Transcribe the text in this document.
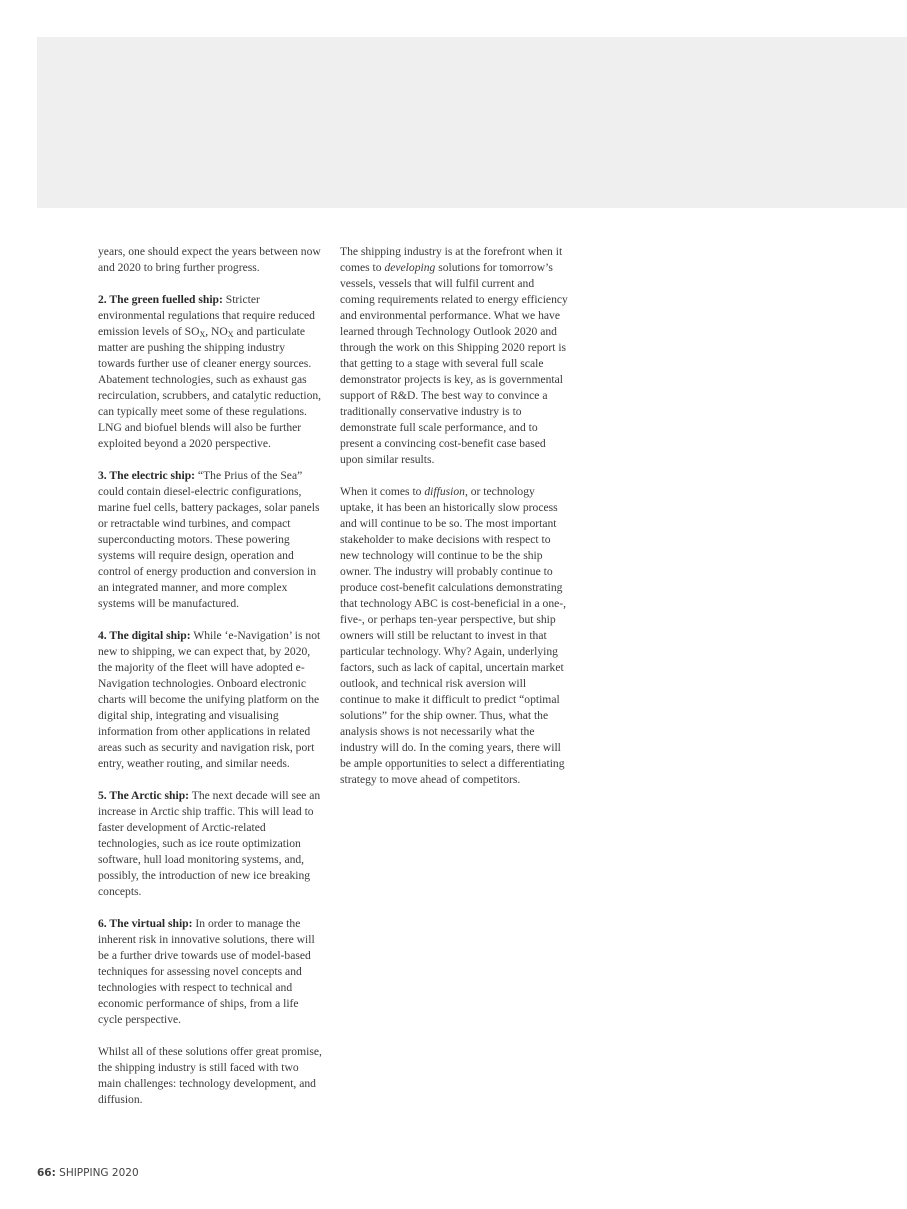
years, one should expect the years between now and 2020 to bring further progress.

2. The green fuelled ship: Stricter environmental regulations that require reduced emission levels of $SO_X$, $NO_X$ and particulate matter are pushing the shipping industry towards further use of cleaner energy sources. Abatement technologies, such as exhaust gas recirculation, scrubbers, and catalytic reduction, can typically meet some of these regulations. LNG and biofuel blends will also be further exploited beyond a 2020 perspective.

3. The electric ship: “The Prius of the Sea” could contain diesel-electric configurations, marine fuel cells, battery packages, solar panels or retractable wind turbines, and compact superconducting motors. These powering systems will require design, operation and control of energy production and conversion in an integrated manner, and more complex systems will be manufactured.

4. The digital ship: While ‘e-Navigation’ is not new to shipping, we can expect that, by 2020, the majority of the fleet will have adopted e-Navigation technologies. Onboard electronic charts will become the unifying platform on the digital ship, integrating and visualising information from other applications in related areas such as security and navigation risk, port entry, weather routing, and similar needs.

5. The Arctic ship: The next decade will see an increase in Arctic ship traffic. This will lead to faster development of Arctic-related technologies, such as ice route optimization software, hull load monitoring systems, and, possibly, the introduction of new ice breaking concepts.

6. The virtual ship: In order to manage the inherent risk in innovative solutions, there will be a further drive towards use of model-based techniques for assessing novel concepts and technologies with respect to technical and economic performance of ships, from a life cycle perspective.

Whilst all of these solutions offer great promise, the shipping industry is still faced with two main challenges: technology development, and diffusion.

The shipping industry is at the forefront when it comes to developing solutions for tomorrow’s vessels, vessels that will fulfil current and coming requirements related to energy efficiency and environmental performance. What we have learned through Technology Outlook 2020 and through the work on this Shipping 2020 report is that getting to a stage with several full scale demonstrator projects is key, as is governmental support of R&D. The best way to convince a traditionally conservative industry is to demonstrate full scale performance, and to present a convincing cost-benefit case based upon similar results.

When it comes to diffusion, or technology uptake, it has been an historically slow process and will continue to be so. The most important stakeholder to make decisions with respect to new technology will continue to be the ship owner. The industry will probably continue to produce cost-benefit calculations demonstrating that technology ABC is cost-beneficial in a one-, five-, or perhaps ten-year perspective, but ship owners will still be reluctant to invest in that particular technology. Why? Again, underlying factors, such as lack of capital, uncertain market outlook, and technical risk aversion will continue to make it difficult to predict “optimal solutions” for the ship owner. Thus, what the analysis shows is not necessarily what the industry will do. In the coming years, there will be ample opportunities to select a differentiating strategy to move ahead of competitors.

66: SHIPPING 2020
